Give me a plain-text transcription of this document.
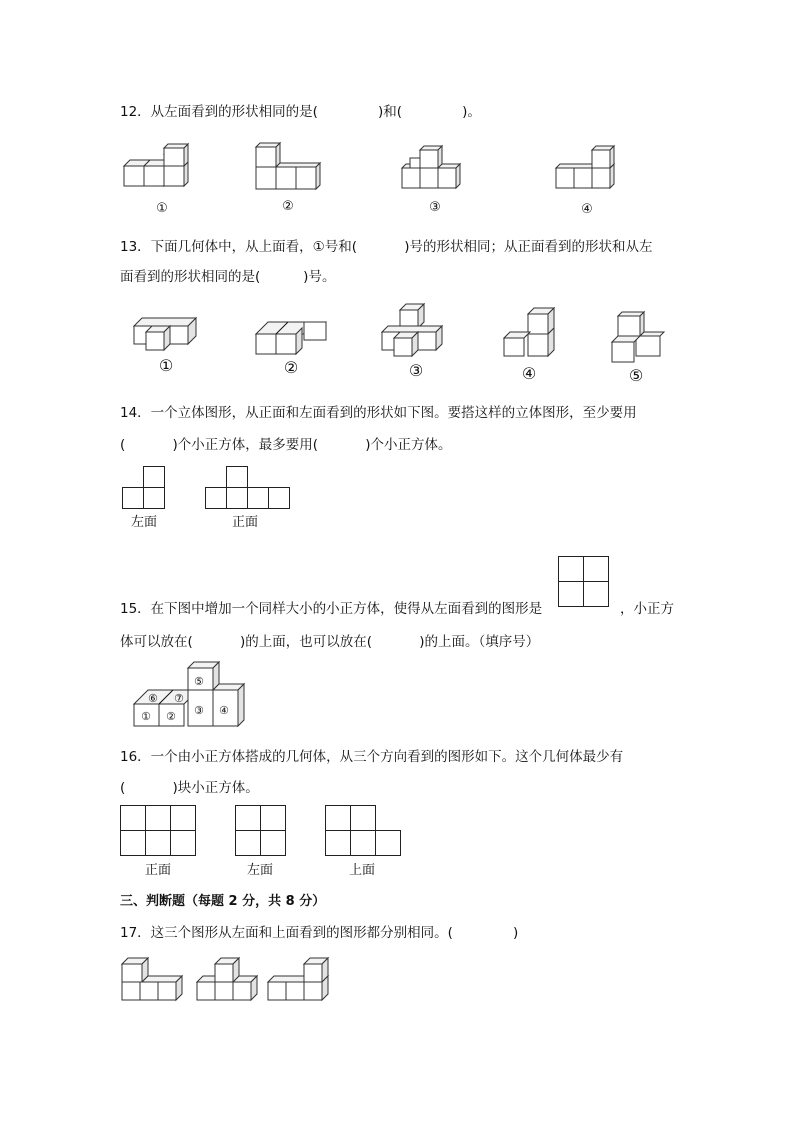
12．从左面看到的形状相同的是(              )和(              )。
①	②	③	④
13．下面几何体中，从上面看，①号和(           )号的形状相同；从正面看到的形状和从左
面看到的形状相同的是(          )号。
①	②	③	④	⑤
14．一个立体图形，从正面和左面看到的形状如下图。要搭这样的立体图形，至少要用
(           )个小正方体，最多要用(           )个小正方体。

左面

				正面
15．在下图中增加一个同样大小的小正方体，使得从左面看到的图形是

		，小正方
体可以放在(           )的上面，也可以放在(           )的上面。（填序号）
① ② ③ ④
⑤
⑥ ⑦
16．一个由小正方体搭成的几何体，从三个方向看到的图形如下。这个几何体最少有
(           )块小正方体。

正面

		左面

			上面
三、判断题（每题 2 分，共 8 分）
17．这三个图形从左面和上面看到的图形都分别相同。(              )
